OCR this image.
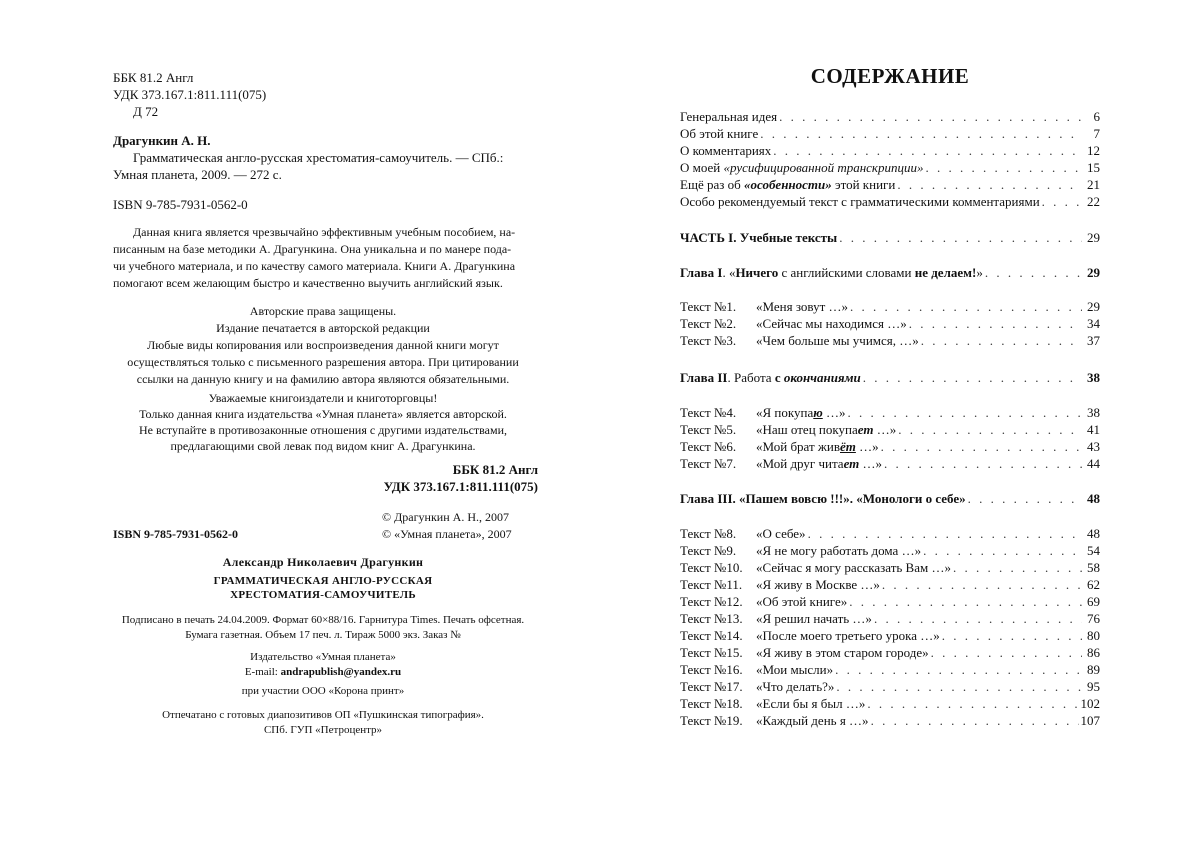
ББК 81.2 Англ
УДК 373.167.1:811.111(075)
Д 72
Драгункин А. Н.
Грамматическая англо-русская хрестоматия-самоучитель. — СПб.:
Умная планета, 2009. — 272 с.
ISBN 9-785-7931-0562-0
Данная книга является чрезвычайно эффективным учебным пособием, на-
писанным на базе методики А. Драгункина. Она уникальна и по манере пода-
чи учебного материала, и по качеству самого материала. Книги А. Драгункина
помогают всем желающим быстро и качественно выучить английский язык.
Авторские права защищены.
Издание печатается в авторской редакции
Любые виды копирования или воспроизведения данной книги могут
осуществляться только с письменного разрешения автора. При цитировании
ссылки на данную книгу и на фамилию автора являются обязательными.
Уважаемые книгоиздатели и книготорговцы!
Только данная книга издательства «Умная планета» является авторской.
Не вступайте в противозаконные отношения с другими издательствами,
предлагающими свой левак под видом книг А. Драгункина.
ББК 81.2 Англ
УДК 373.167.1:811.111(075)
© Драгункин А. Н., 2007
© «Умная планета», 2007
ISBN 9-785-7931-0562-0
Александр Николаевич Драгункин
ГРАММАТИЧЕСКАЯ АНГЛО-РУССКАЯ
ХРЕСТОМАТИЯ-САМОУЧИТЕЛЬ
Подписано в печать 24.04.2009. Формат 60×88/16. Гарнитура Times. Печать офсетная.
Бумага газетная. Объем 17 печ. л. Тираж 5000 экз. Заказ №
Издательство «Умная планета»
E-mail: andrapublish@yandex.ru
при участии ООО «Корона принт»
Отпечатано с готовых диапозитивов ОП «Пушкинская типография».
СПб. ГУП «Петроцентр»
СОДЕРЖАНИЕ
Генеральная идея . . .	6
Об этой книге . . .	7
О комментариях . . .	12
О моей «русифицированной транскрипции» . . .	15
Ещё раз об «особенности» этой книги . . .	21
Особо рекомендуемый текст с грамматическими комментариями . . .	22
ЧАСТЬ I. Учебные тексты . . .	29
Глава I. «Ничего с английскими словами не делаем!» . . .	29
Текст №1. «Меня зовут …» . . .	29
Текст №2. «Сейчас мы находимся …» . . .	34
Текст №3. «Чем больше мы учимся, …» . . .	37
Глава II. Работа с окончаниями . . .	38
Текст №4. «Я покупаю …» . . .	38
Текст №5. «Наш отец покупает …» . . .	41
Текст №6. «Мой брат живёт …» . . .	43
Текст №7. «Мой друг читает …» . . .	44
Глава III. «Пашем вовсю !!!». «Монологи о себе» . . .	48
Текст №8. «О себе» . . .	48
Текст №9. «Я не могу работать дома …» . . .	54
Текст №10. «Сейчас я могу рассказать Вам …» . . .	58
Текст №11. «Я живу в Москве …» . . .	62
Текст №12. «Об этой книге» . . .	69
Текст №13. «Я решил начать …» . . .	76
Текст №14. «После моего третьего урока …» . . .	80
Текст №15. «Я живу в этом старом городе» . . .	86
Текст №16. «Мои мысли» . . .	89
Текст №17. «Что делать?» . . .	95
Текст №18. «Если бы я был …» . . .	102
Текст №19. «Каждый день я …» . . .	107
